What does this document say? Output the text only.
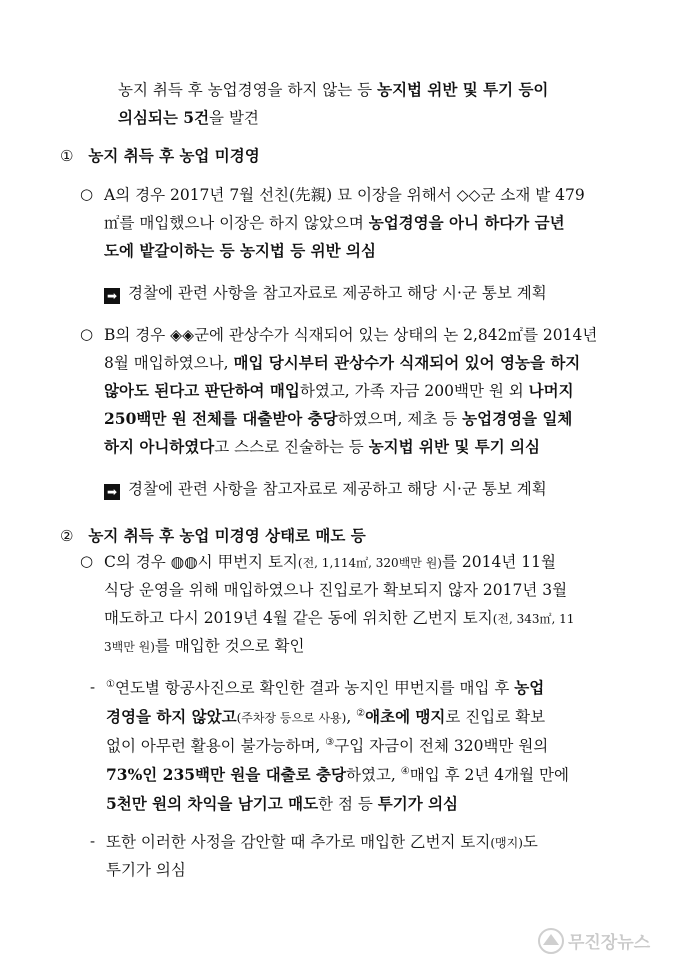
농지 취득 후 농업경영을 하지 않는 등 농지법 위반 및 투기 등이
의심되는 5건을 발견
① 농지 취득 후 농업 미경영
○ A의 경우 2017년 7월 선친(先親) 묘 이장을 위해서 ◇◇군 소재 밭 479
㎡를 매입했으나 이장은 하지 않았으며 농업경영을 아니 하다가 금년
도에 밭갈이하는 등 농지법 등 위반 의심
➡ 경찰에 관련 사항을 참고자료로 제공하고 해당 시·군 통보 계획
○ B의 경우 ◈◈군에 관상수가 식재되어 있는 상태의 논 2,842㎡를 2014년
8월 매입하였으나, 매입 당시부터 관상수가 식재되어 있어 영농을 하지
않아도 된다고 판단하여 매입하였고, 가족 자금 200백만 원 외 나머지
250백만 원 전체를 대출받아 충당하였으며, 제초 등 농업경영을 일체
하지 아니하였다고 스스로 진술하는 등 농지법 위반 및 투기 의심
➡ 경찰에 관련 사항을 참고자료로 제공하고 해당 시·군 통보 계획
② 농지 취득 후 농업 미경영 상태로 매도 등
○ C의 경우 ◍◍시 甲번지 토지(전, 1,114㎡, 320백만 원)를 2014년 11월
식당 운영을 위해 매입하였으나 진입로가 확보되지 않자 2017년 3월
매도하고 다시 2019년 4월 같은 동에 위치한 乙번지 토지(전, 343㎡, 11
3백만 원)를 매입한 것으로 확인
- ①연도별 항공사진으로 확인한 결과 농지인 甲번지를 매입 후 농업
경영을 하지 않았고(주차장 등으로 사용), ②애초에 맹지로 진입로 확보
없이 아무런 활용이 불가능하며, ③구입 자금이 전체 320백만 원의
73%인 235백만 원을 대출로 충당하였고, ④매입 후 2년 4개월 만에
5천만 원의 차익을 남기고 매도한 점 등 투기가 의심
- 또한 이러한 사정을 감안할 때 추가로 매입한 乙번지 토지(맹지)도
투기가 의심
무진장뉴스
